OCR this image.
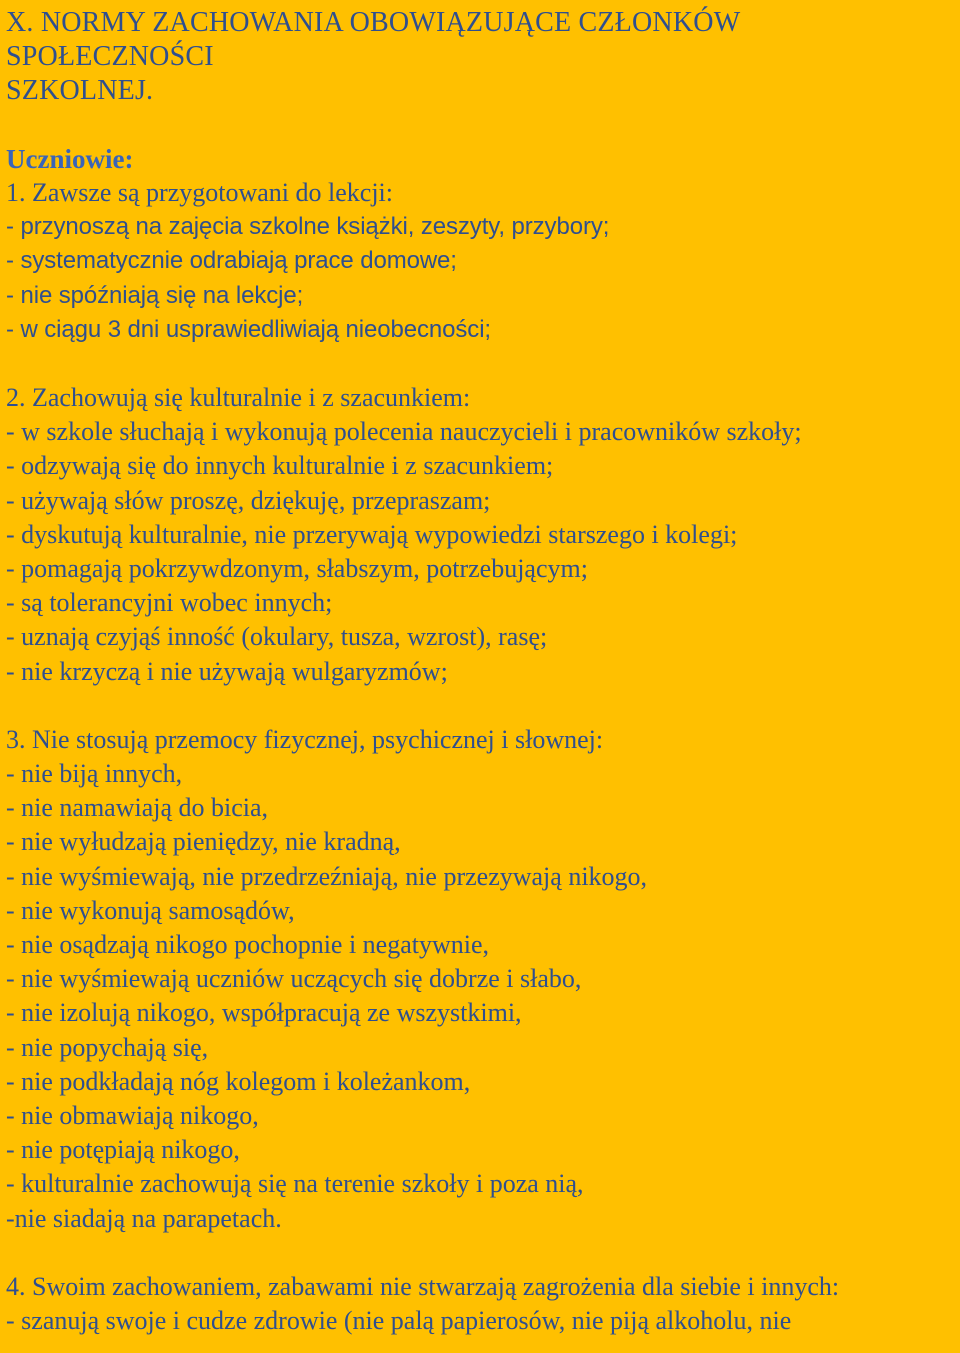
X. NORMY ZACHOWANIA OBOWIĄZUJĄCE CZŁONKÓW
SPOŁECZNOŚCI
SZKOLNEJ.
Uczniowie:
1. Zawsze są przygotowani do lekcji:
- przynoszą na zajęcia szkolne książki, zeszyty, przybory;
- systematycznie odrabiają prace domowe;
- nie spóźniają się na lekcje;
- w ciągu 3 dni usprawiedliwiają nieobecności;
2. Zachowują się kulturalnie i z szacunkiem:
- w szkole słuchają i wykonują polecenia nauczycieli i pracowników szkoły;
- odzywają się do innych kulturalnie i z szacunkiem;
- używają słów proszę, dziękuję, przepraszam;
- dyskutują kulturalnie, nie przerywają wypowiedzi starszego i kolegi;
- pomagają pokrzywdzonym, słabszym, potrzebującym;
- są tolerancyjni wobec innych;
- uznają czyjąś inność (okulary, tusza, wzrost), rasę;
- nie krzyczą i nie używają wulgaryzmów;
3. Nie stosują przemocy fizycznej, psychicznej i słownej:
- nie biją innych,
- nie namawiają do bicia,
- nie wyłudzają pieniędzy, nie kradną,
- nie wyśmiewają, nie przedrzeźniają, nie przezywają nikogo,
- nie wykonują samosądów,
- nie osądzają nikogo pochopnie i negatywnie,
- nie wyśmiewają uczniów uczących się dobrze i słabo,
- nie izolują nikogo, współpracują ze wszystkimi,
- nie popychają się,
- nie podkładają nóg kolegom i koleżankom,
- nie obmawiają nikogo,
- nie potępiają nikogo,
- kulturalnie zachowują się na terenie szkoły i poza nią,
-nie siadają na parapetach.
4. Swoim zachowaniem, zabawami nie stwarzają zagrożenia dla siebie i innych:
- szanują swoje i cudze zdrowie (nie palą papierosów, nie piją alkoholu, nie
